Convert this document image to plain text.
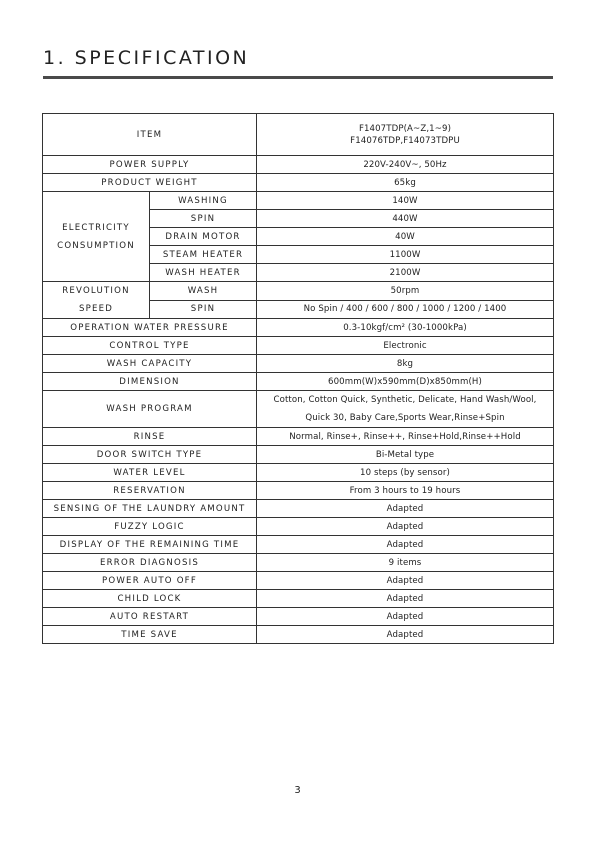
1. SPECIFICATION
ITEM		F1407TDP(A~Z,1~9)
F14076TDP,F14073TDPU

POWER SUPPLY		220V-240V~, 50Hz
PRODUCT WEIGHT		65kg

ELECTRICITY
CONSUMPTION	WASHING	140W
	SPIN	440W
	DRAIN MOTOR	40W
	STEAM HEATER	1100W
	WASH HEATER	2100W

REVOLUTION
SPEED	WASH	50rpm
	SPIN	No Spin / 400 / 600 / 800 / 1000 / 1200 / 1400
OPERATION WATER PRESSURE		0.3-10kgf/cm² (30-1000kPa)
CONTROL TYPE		Electronic
WASH CAPACITY		8kg
DIMENSION		600mm(W)x590mm(D)x850mm(H)
WASH PROGRAM		Cotton, Cotton Quick, Synthetic, Delicate, Hand Wash/Wool,
Quick 30, Baby Care,Sports Wear,Rinse+Spin

RINSE		Normal, Rinse+, Rinse++, Rinse+Hold,Rinse++Hold
DOOR SWITCH TYPE		Bi-Metal type
WATER LEVEL		10 steps (by sensor)
RESERVATION		From 3 hours to 19 hours
SENSING OF THE LAUNDRY AMOUNT		Adapted
FUZZY LOGIC		Adapted
DISPLAY OF THE REMAINING TIME		Adapted
ERROR DIAGNOSIS		9 items
POWER AUTO OFF		Adapted
CHILD LOCK		Adapted
AUTO RESTART		Adapted
TIME SAVE		Adapted
3
